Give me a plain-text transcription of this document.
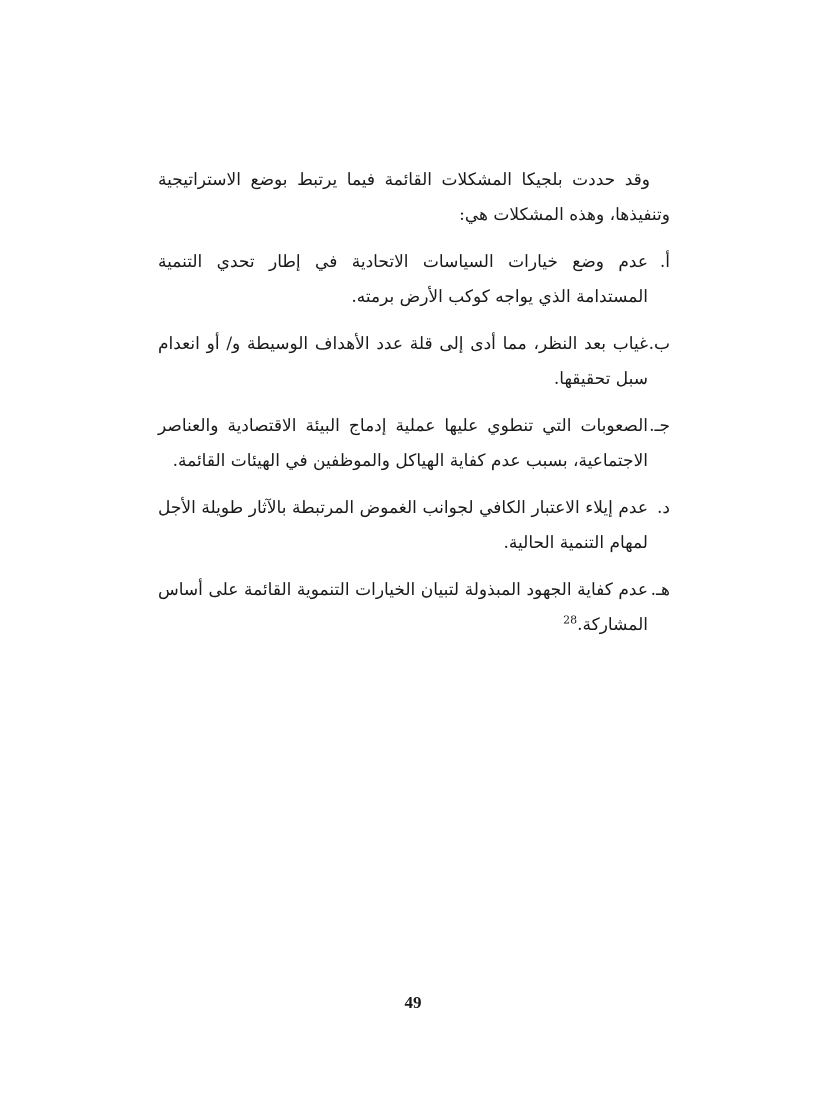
وقد حددت بلجيكا المشكلات القائمة فيما يرتبط بوضع الاستراتيجية وتنفيذها، وهذه المشكلات هي:

أ.
عدم وضع خيارات السياسات الاتحادية في إطار تحدي التنمية المستدامة الذي يواجه كوكب الأرض برمته.
ب.
غياب بعد النظر، مما أدى إلى قلة عدد الأهداف الوسيطة و/ أو انعدام سبل تحقيقها.
جـ.
الصعوبات التي تنطوي عليها عملية إدماج البيئة الاقتصادية والعناصر الاجتماعية، بسبب عدم كفاية الهياكل والموظفين في الهيئات القائمة.
د.
عدم إيلاء الاعتبار الكافي لجوانب الغموض المرتبطة بالآثار طويلة الأجل لمهام التنمية الحالية.
هـ.
عدم كفاية الجهود المبذولة لتبيان الخيارات التنموية القائمة على أساس المشاركة.$^{28}$
49
